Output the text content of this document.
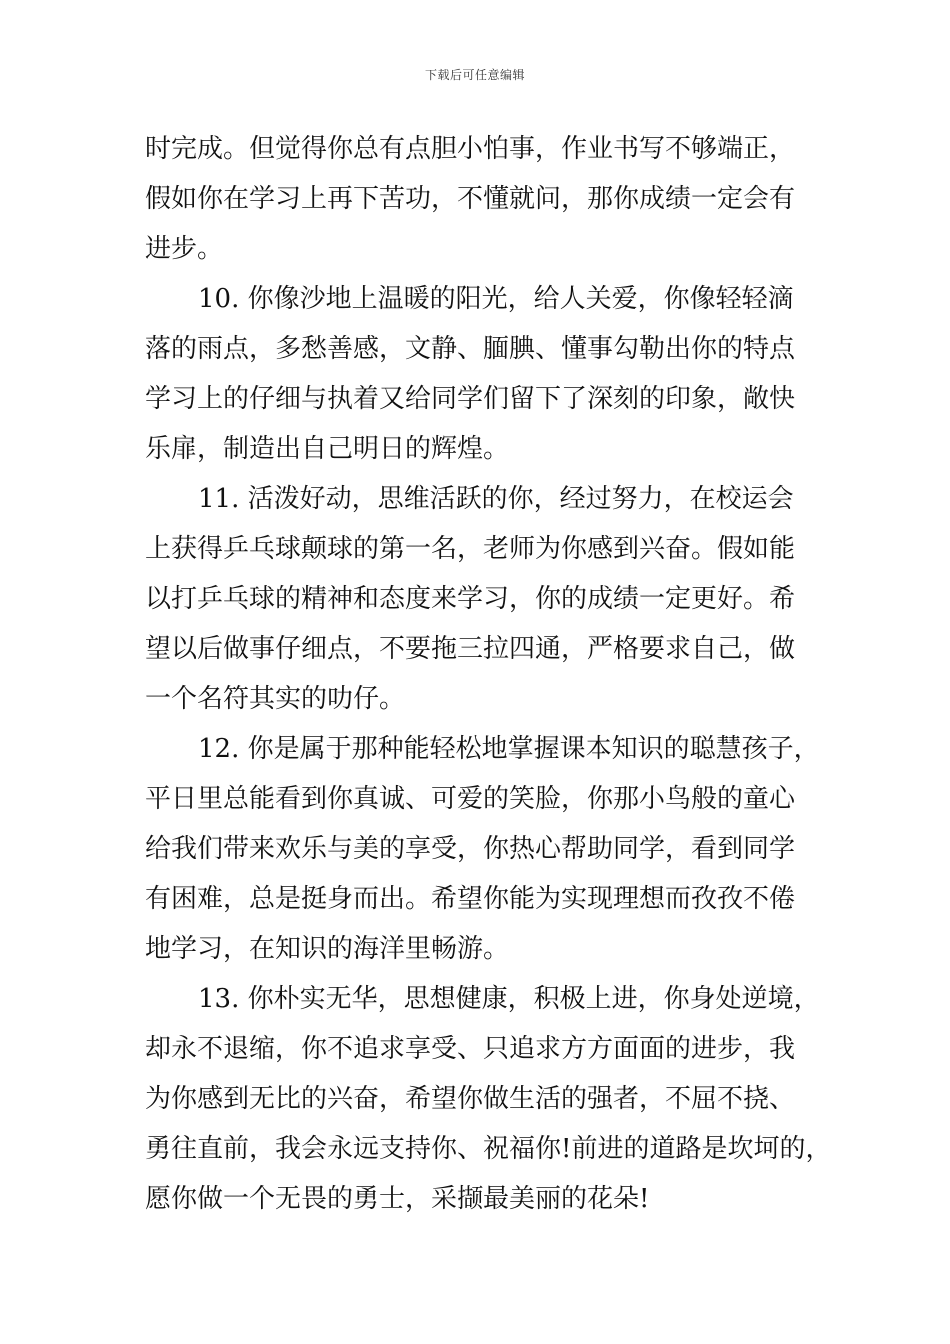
下载后可任意编辑

时完成。但觉得你总有点胆小怕事，作业书写不够端正，
假如你在学习上再下苦功，不懂就问，那你成绩一定会有
进步。

10. 你像沙地上温暖的阳光，给人关爱，你像轻轻滴
落的雨点，多愁善感，文静、腼腆、懂事勾勒出你的特点
学习上的仔细与执着又给同学们留下了深刻的印象，敞快
乐扉，制造出自己明日的辉煌。

11. 活泼好动，思维活跃的你，经过努力，在校运会
上获得乒乓球颠球的第一名，老师为你感到兴奋。假如能
以打乒乓球的精神和态度来学习，你的成绩一定更好。希
望以后做事仔细点，不要拖三拉四通，严格要求自己，做
一个名符其实的叻仔。

12. 你是属于那种能轻松地掌握课本知识的聪慧孩子，
平日里总能看到你真诚、可爱的笑脸，你那小鸟般的童心
给我们带来欢乐与美的享受，你热心帮助同学，看到同学
有困难，总是挺身而出。希望你能为实现理想而孜孜不倦
地学习，在知识的海洋里畅游。

13. 你朴实无华，思想健康，积极上进，你身处逆境，
却永不退缩，你不追求享受、只追求方方面面的进步，我
为你感到无比的兴奋，希望你做生活的强者，不屈不挠、
勇往直前，我会永远支持你、祝福你!前进的道路是坎坷的，
愿你做一个无畏的勇士，采撷最美丽的花朵!
